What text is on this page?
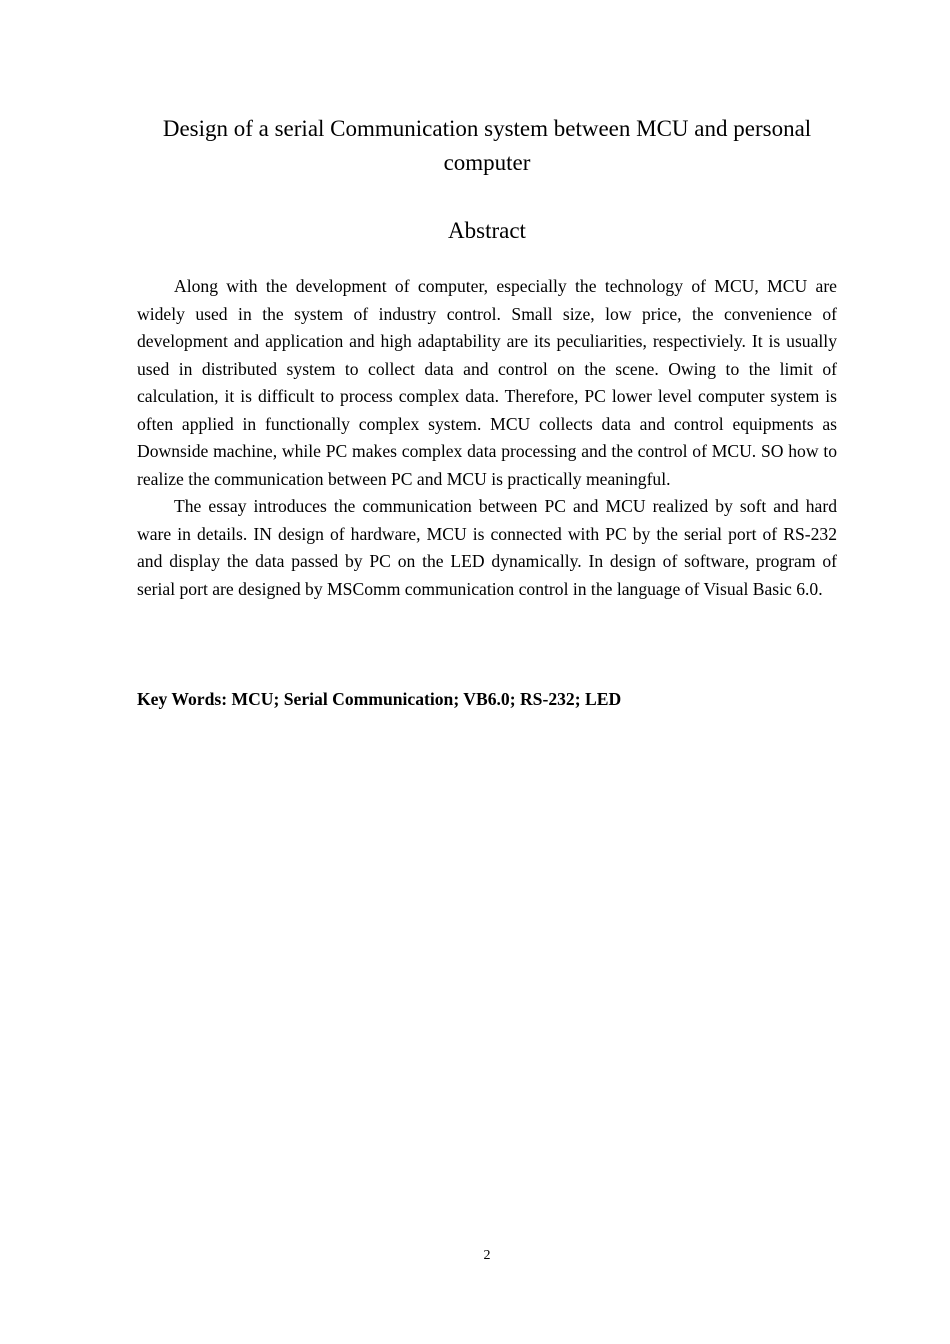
Design of a serial Communication system between MCU and personal computer
Abstract

Along with the development of computer, especially the technology of MCU, MCU are widely used in the system of industry control. Small size, low price, the convenience of development and application and high adaptability are its peculiarities, respectiviely. It is usually used in distributed system to collect data and control on the scene. Owing to the limit of calculation, it is difficult to process complex data. Therefore, PC lower level computer system is often applied in functionally complex system. MCU collects data and control equipments as Downside machine, while PC makes complex data processing and the control of MCU. SO how to realize the communication between PC and MCU is practically meaningful.

The essay introduces the communication between PC and MCU realized by soft and hard ware in details. IN design of hardware, MCU is connected with PC by the serial port of RS-232 and display the data passed by PC on the LED dynamically. In design of software, program of serial port are designed by MSComm communication control in the language of Visual Basic 6.0.

Key Words: MCU; Serial Communication; VB6.0; RS-232; LED
2
